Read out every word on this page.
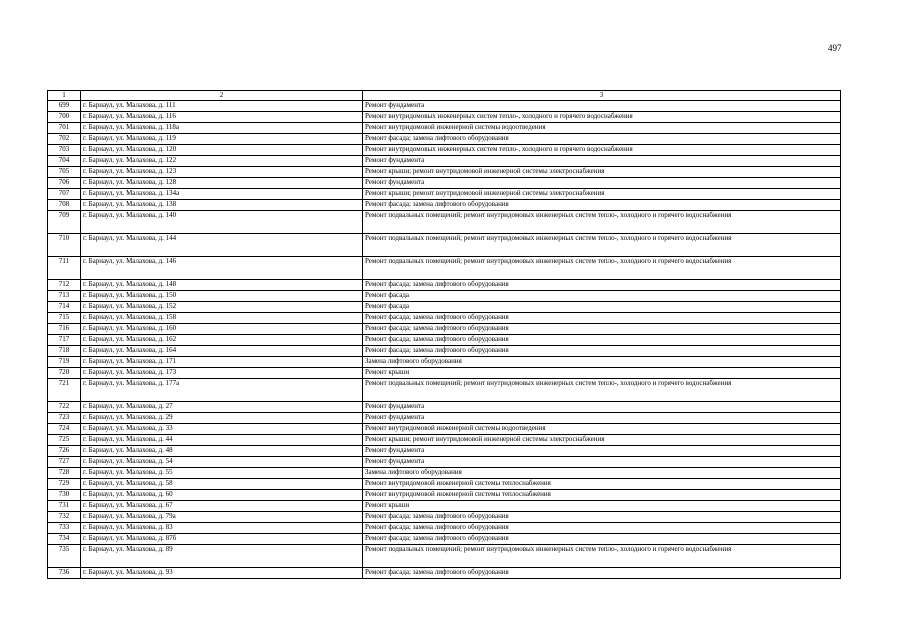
497
1	2	3
699	г. Барнаул, ул. Малахова, д. 111	Ремонт фундамента
700	г. Барнаул, ул. Малахова, д. 116	Ремонт внутридомовых инженерных систем тепло-, холодного и горячего водоснабжения
701	г. Барнаул, ул. Малахова, д. 118а	Ремонт внутридомовой инженерной системы водоотведения
702	г. Барнаул, ул. Малахова, д. 119	Ремонт фасада; замена лифтового оборудования
703	г. Барнаул, ул. Малахова, д. 120	Ремонт внутридомовых инженерных систем тепло-, холодного и горячего водоснабжения
704	г. Барнаул, ул. Малахова, д. 122	Ремонт фундамента
705	г. Барнаул, ул. Малахова, д. 123	Ремонт крыши; ремонт внутридомовой инженерной системы электроснабжения
706	г. Барнаул, ул. Малахова, д. 128	Ремонт фундамента
707	г. Барнаул, ул. Малахова, д. 134а	Ремонт крыши; ремонт внутридомовой инженерной системы электроснабжения
708	г. Барнаул, ул. Малахова, д. 138	Ремонт фасада; замена лифтового оборудования
709	г. Барнаул, ул. Малахова, д. 140	Ремонт подвальных помещений; ремонт внутридомовых инженерных систем тепло-, холодного и горячего водоснабжения
710	г. Барнаул, ул. Малахова, д. 144	Ремонт подвальных помещений; ремонт внутридомовых инженерных систем тепло-, холодного и горячего водоснабжения
711	г. Барнаул, ул. Малахова, д. 146	Ремонт подвальных помещений; ремонт внутридомовых инженерных систем тепло-, холодного и горячего водоснабжения
712	г. Барнаул, ул. Малахова, д. 148	Ремонт фасада; замена лифтового оборудования
713	г. Барнаул, ул. Малахова, д. 150	Ремонт фасада
714	г. Барнаул, ул. Малахова, д. 152	Ремонт фасада
715	г. Барнаул, ул. Малахова, д. 158	Ремонт фасада; замена лифтового оборудования
716	г. Барнаул, ул. Малахова, д. 160	Ремонт фасада; замена лифтового оборудования
717	г. Барнаул, ул. Малахова, д. 162	Ремонт фасада; замена лифтового оборудования
718	г. Барнаул, ул. Малахова, д. 164	Ремонт фасада; замена лифтового оборудования
719	г. Барнаул, ул. Малахова, д. 171	Замена лифтового оборудования
720	г. Барнаул, ул. Малахова, д. 173	Ремонт крыши
721	г. Барнаул, ул. Малахова, д. 177а	Ремонт подвальных помещений; ремонт внутридомовых инженерных систем тепло-, холодного и горячего водоснабжения
722	г. Барнаул, ул. Малахова, д. 27	Ремонт фундамента
723	г. Барнаул, ул. Малахова, д. 29	Ремонт фундамента
724	г. Барнаул, ул. Малахова, д. 33	Ремонт внутридомовой инженерной системы водоотведения
725	г. Барнаул, ул. Малахова, д. 44	Ремонт крыши; ремонт внутридомовой инженерной системы электроснабжения
726	г. Барнаул, ул. Малахова, д. 48	Ремонт фундамента
727	г. Барнаул, ул. Малахова, д. 54	Ремонт фундамента
728	г. Барнаул, ул. Малахова, д. 55	Замена лифтового оборудования
729	г. Барнаул, ул. Малахова, д. 58	Ремонт внутридомовой инженерной системы теплоснабжения
730	г. Барнаул, ул. Малахова, д. 60	Ремонт внутридомовой инженерной системы теплоснабжения
731	г. Барнаул, ул. Малахова, д. 67	Ремонт крыши
732	г. Барнаул, ул. Малахова, д. 79а	Ремонт фасада; замена лифтового оборудования
733	г. Барнаул, ул. Малахова, д. 83	Ремонт фасада; замена лифтового оборудования
734	г. Барнаул, ул. Малахова, д. 87б	Ремонт фасада; замена лифтового оборудования
735	г. Барнаул, ул. Малахова, д. 89	Ремонт подвальных помещений; ремонт внутридомовых инженерных систем тепло-, холодного и горячего водоснабжения
736	г. Барнаул, ул. Малахова, д. 93	Ремонт фасада; замена лифтового оборудования
